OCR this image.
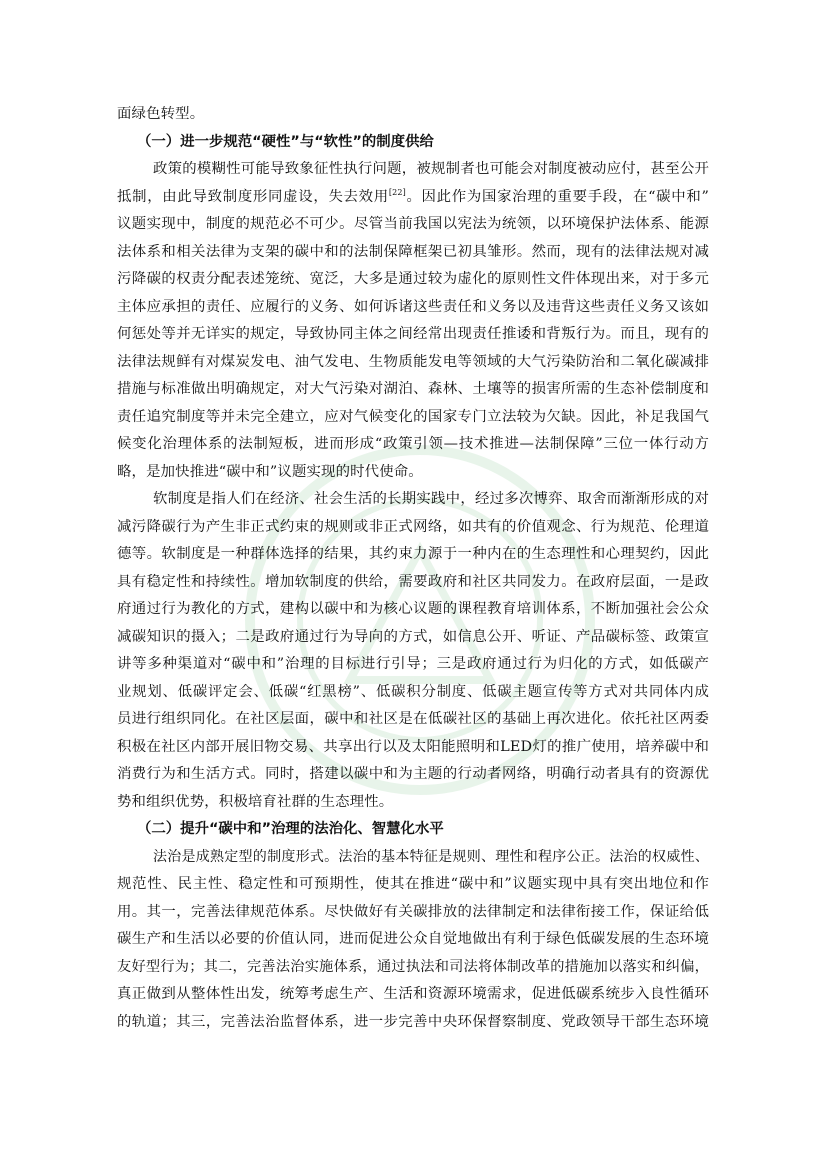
面绿色转型。
（一）进一步规范“硬性”与“软性”的制度供给
政策的模糊性可能导致象征性执行问题，被规制者也可能会对制度被动应付，甚至公开
抵制，由此导致制度形同虚设，失去效用[22]。因此作为国家治理的重要手段，在“碳中和”
议题实现中，制度的规范必不可少。尽管当前我国以宪法为统领，以环境保护法体系、能源
法体系和相关法律为支架的碳中和的法制保障框架已初具雏形。然而，现有的法律法规对减
污降碳的权责分配表述笼统、宽泛，大多是通过较为虚化的原则性文件体现出来，对于多元
主体应承担的责任、应履行的义务、如何诉诸这些责任和义务以及违背这些责任义务又该如
何惩处等并无详实的规定，导致协同主体之间经常出现责任推诿和背叛行为。而且，现有的
法律法规鲜有对煤炭发电、油气发电、生物质能发电等领域的大气污染防治和二氧化碳减排
措施与标准做出明确规定，对大气污染对湖泊、森林、土壤等的损害所需的生态补偿制度和
责任追究制度等并未完全建立，应对气候变化的国家专门立法较为欠缺。因此，补足我国气
候变化治理体系的法制短板，进而形成“政策引领—技术推进—法制保障”三位一体行动方
略，是加快推进“碳中和”议题实现的时代使命。
软制度是指人们在经济、社会生活的长期实践中，经过多次博弈、取舍而渐渐形成的对
减污降碳行为产生非正式约束的规则或非正式网络，如共有的价值观念、行为规范、伦理道
德等。软制度是一种群体选择的结果，其约束力源于一种内在的生态理性和心理契约，因此
具有稳定性和持续性。增加软制度的供给，需要政府和社区共同发力。在政府层面，一是政
府通过行为教化的方式，建构以碳中和为核心议题的课程教育培训体系，不断加强社会公众
减碳知识的摄入；二是政府通过行为导向的方式，如信息公开、听证、产品碳标签、政策宣
讲等多种渠道对“碳中和”治理的目标进行引导；三是政府通过行为归化的方式，如低碳产
业规划、低碳评定会、低碳“红黑榜”、低碳积分制度、低碳主题宣传等方式对共同体内成
员进行组织同化。在社区层面，碳中和社区是在低碳社区的基础上再次进化。依托社区两委
积极在社区内部开展旧物交易、共享出行以及太阳能照明和LED灯的推广使用，培养碳中和
消费行为和生活方式。同时，搭建以碳中和为主题的行动者网络，明确行动者具有的资源优
势和组织优势，积极培育社群的生态理性。
（二）提升“碳中和”治理的法治化、智慧化水平
法治是成熟定型的制度形式。法治的基本特征是规则、理性和程序公正。法治的权威性、
规范性、民主性、稳定性和可预期性，使其在推进“碳中和”议题实现中具有突出地位和作
用。其一，完善法律规范体系。尽快做好有关碳排放的法律制定和法律衔接工作，保证给低
碳生产和生活以必要的价值认同，进而促进公众自觉地做出有利于绿色低碳发展的生态环境
友好型行为；其二，完善法治实施体系，通过执法和司法将体制改革的措施加以落实和纠偏，
真正做到从整体性出发，统筹考虑生产、生活和资源环境需求，促进低碳系统步入良性循环
的轨道；其三，完善法治监督体系，进一步完善中央环保督察制度、党政领导干部生态环境
